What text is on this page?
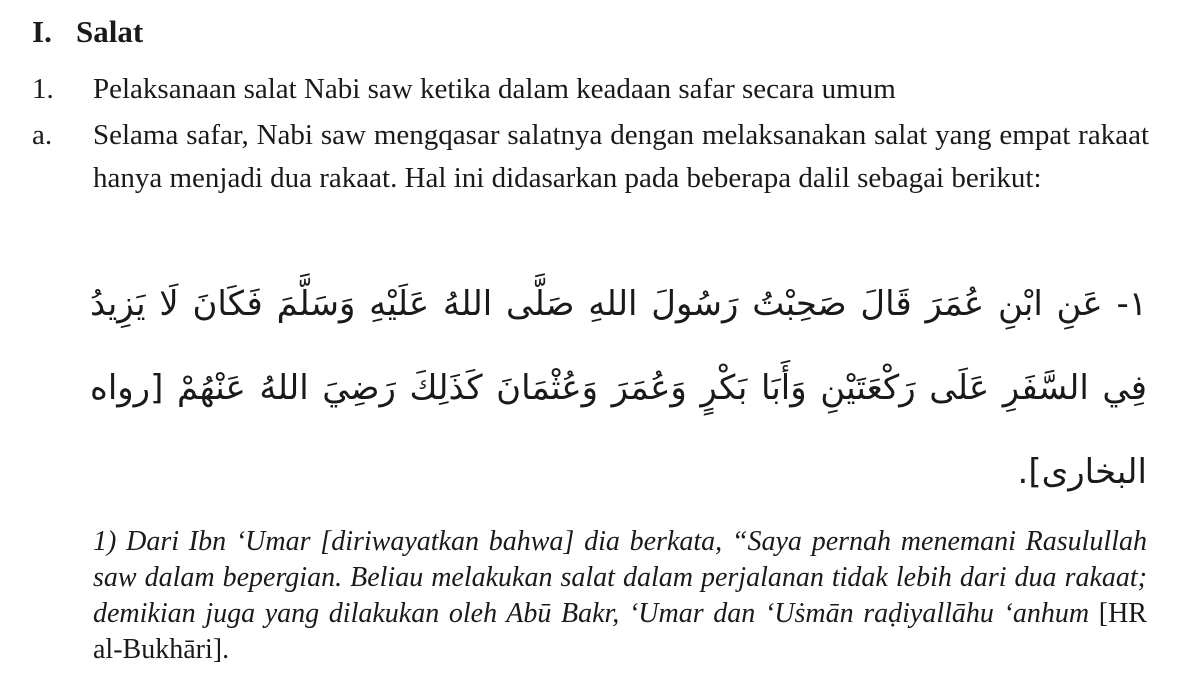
I. Salat
1. Pelaksanaan salat Nabi saw ketika dalam keadaan safar secara umum
a. Selama safar, Nabi saw mengqasar salatnya dengan melaksanakan salat yang empat rakaat hanya menjadi dua rakaat. Hal ini didasarkan pada beberapa dalil sebagai berikut:
١- عَنِ ابْنِ عُمَرَ قَالَ صَحِبْتُ رَسُولَ اللهِ صَلَّى اللهُ عَلَيْهِ وَسَلَّمَ فَكَانَ لَا يَزِيدُ فِي السَّفَرِ عَلَى رَكْعَتَيْنِ وَأَبَا بَكْرٍ وَعُمَرَ وَعُثْمَانَ كَذَلِكَ رَضِيَ اللهُ عَنْهُمْ [رواه البخارى].
1) Dari Ibn ‘Umar [diriwayatkan bahwa] dia berkata, “Saya pernah menemani Rasulullah saw dalam bepergian. Beliau melakukan salat dalam perjalanan tidak lebih dari dua rakaat; demikian juga yang dilakukan oleh Abū Bakr, ‘Umar dan ‘Uṡmān raḍiyallāhu ‘anhum [HR al-Bukhāri].
